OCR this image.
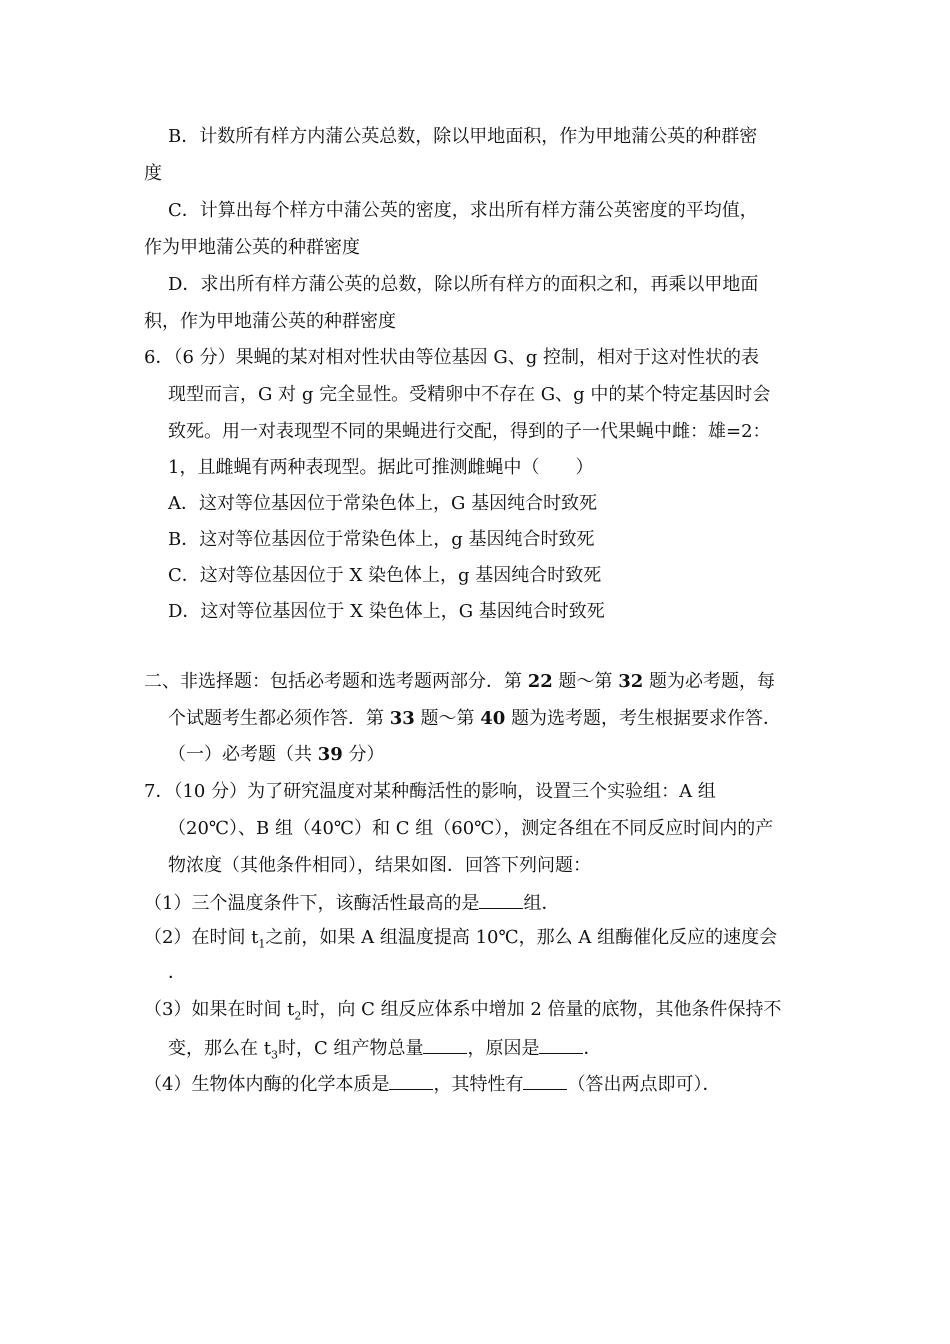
B．计数所有样方内蒲公英总数，除以甲地面积，作为甲地蒲公英的种群密
度
C．计算出每个样方中蒲公英的密度，求出所有样方蒲公英密度的平均值，
作为甲地蒲公英的种群密度
D．求出所有样方蒲公英的总数，除以所有样方的面积之和，再乘以甲地面
积，作为甲地蒲公英的种群密度
6．（6 分）果蝇的某对相对性状由等位基因 G、g 控制，相对于这对性状的表
现型而言，G 对 g 完全显性。受精卵中不存在 G、g 中的某个特定基因时会
致死。用一对表现型不同的果蝇进行交配，得到的子一代果蝇中雌：雄=2：
1，且雌蝇有两种表现型。据此可推测雌蝇中（　　）
A．这对等位基因位于常染色体上，G 基因纯合时致死
B．这对等位基因位于常染色体上，g 基因纯合时致死
C．这对等位基因位于 X 染色体上，g 基因纯合时致死
D．这对等位基因位于 X 染色体上，G 基因纯合时致死
二、非选择题：包括必考题和选考题两部分．第 22 题～第 32 题为必考题，每
个试题考生都必须作答．第 33 题～第 40 题为选考题，考生根据要求作答．
（一）必考题（共 39 分）
7．（10 分）为了研究温度对某种酶活性的影响，设置三个实验组：A 组
（20℃）、B 组（40℃）和 C 组（60℃），测定各组在不同反应时间内的产
物浓度（其他条件相同），结果如图．回答下列问题：
（1）三个温度条件下，该酶活性最高的是 组．
（2）在时间 $t_1$之前，如果 A 组温度提高 10℃，那么 A 组酶催化反应的速度会
．
（3）如果在时间 $t_2$时，向 C 组反应体系中增加 2 倍量的底物，其他条件保持不
变，那么在 $t_3$时，C 组产物总量 ，原因是 ．
（4）生物体内酶的化学本质是 ，其特性有 （答出两点即可）．
